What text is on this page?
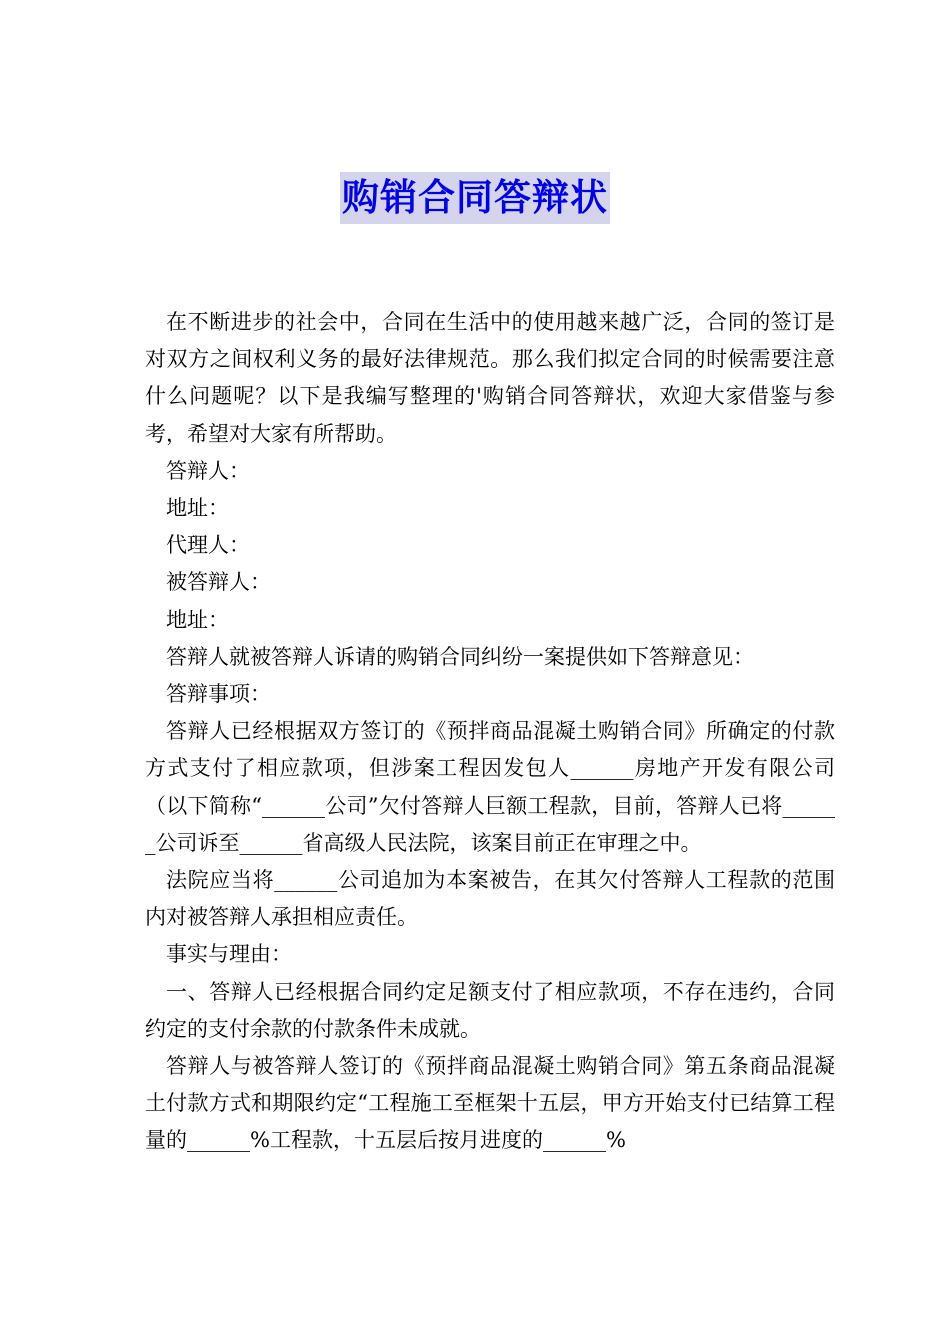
购销合同答辩状

在不断进步的社会中，合同在生活中的使用越来越广泛，合同的签订是对双方之间权利义务的最好法律规范。那么我们拟定合同的时候需要注意什么问题呢？以下是我编写整理的'购销合同答辩状，欢迎大家借鉴与参考，希望对大家有所帮助。

答辩人：

地址：

代理人：

被答辩人：

地址：

答辩人就被答辩人诉请的购销合同纠纷一案提供如下答辩意见：

答辩事项：

答辩人已经根据双方签订的《预拌商品混凝土购销合同》所确定的付款方式支付了相应款项，但涉案工程因发包人______房地产开发有限公司（以下简称“______公司”欠付答辩人巨额工程款，目前，答辩人已将______公司诉至______省高级人民法院，该案目前正在审理之中。

法院应当将______公司追加为本案被告，在其欠付答辩人工程款的范围内对被答辩人承担相应责任。

事实与理由：

一、答辩人已经根据合同约定足额支付了相应款项，不存在违约，合同约定的支付余款的付款条件未成就。

答辩人与被答辩人签订的《预拌商品混凝土购销合同》第五条商品混凝土付款方式和期限约定“工程施工至框架十五层，甲方开始支付已结算工程量的______%工程款，十五层后按月进度的______%
